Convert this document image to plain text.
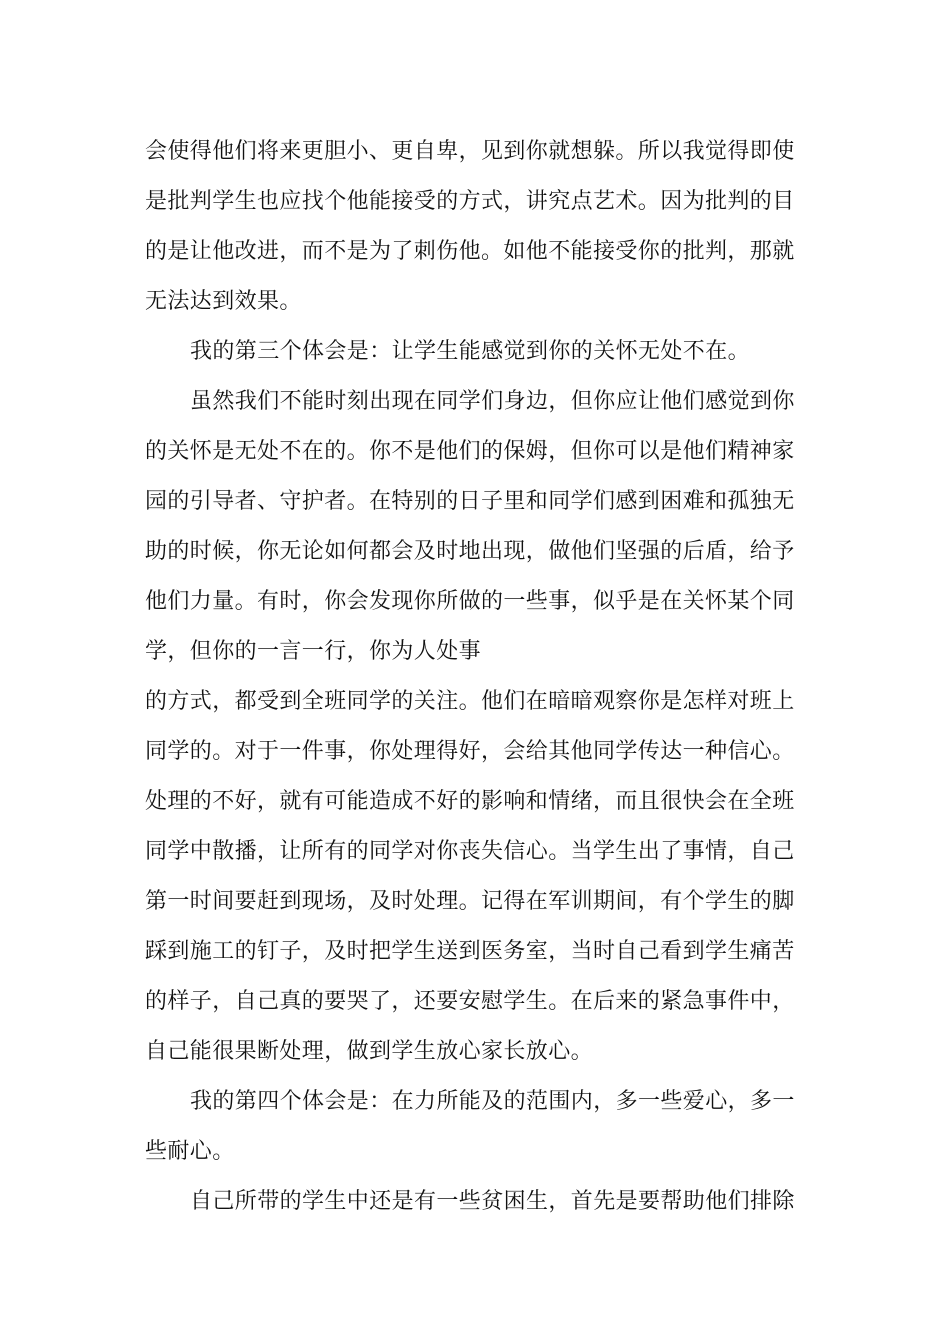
会使得他们将来更胆小、更自卑，见到你就想躲。所以我觉得即使
是批判学生也应找个他能接受的方式，讲究点艺术。因为批判的目
的是让他改进，而不是为了刺伤他。如他不能接受你的批判，那就
无法达到效果。
我的第三个体会是：让学生能感觉到你的关怀无处不在。
虽然我们不能时刻出现在同学们身边，但你应让他们感觉到你
的关怀是无处不在的。你不是他们的保姆，但你可以是他们精神家
园的引导者、守护者。在特别的日子里和同学们感到困难和孤独无
助的时候，你无论如何都会及时地出现，做他们坚强的后盾，给予
他们力量。有时，你会发现你所做的一些事，似乎是在关怀某个同
学，但你的一言一行，你为人处事
的方式，都受到全班同学的关注。他们在暗暗观察你是怎样对班上
同学的。对于一件事，你处理得好，会给其他同学传达一种信心。
处理的不好，就有可能造成不好的影响和情绪，而且很快会在全班
同学中散播，让所有的同学对你丧失信心。当学生出了事情，自己
第一时间要赶到现场，及时处理。记得在军训期间，有个学生的脚
踩到施工的钉子，及时把学生送到医务室，当时自己看到学生痛苦
的样子，自己真的要哭了，还要安慰学生。在后来的紧急事件中，
自己能很果断处理，做到学生放心家长放心。
我的第四个体会是：在力所能及的范围内，多一些爱心，多一
些耐心。
自己所带的学生中还是有一些贫困生，首先是要帮助他们排除
